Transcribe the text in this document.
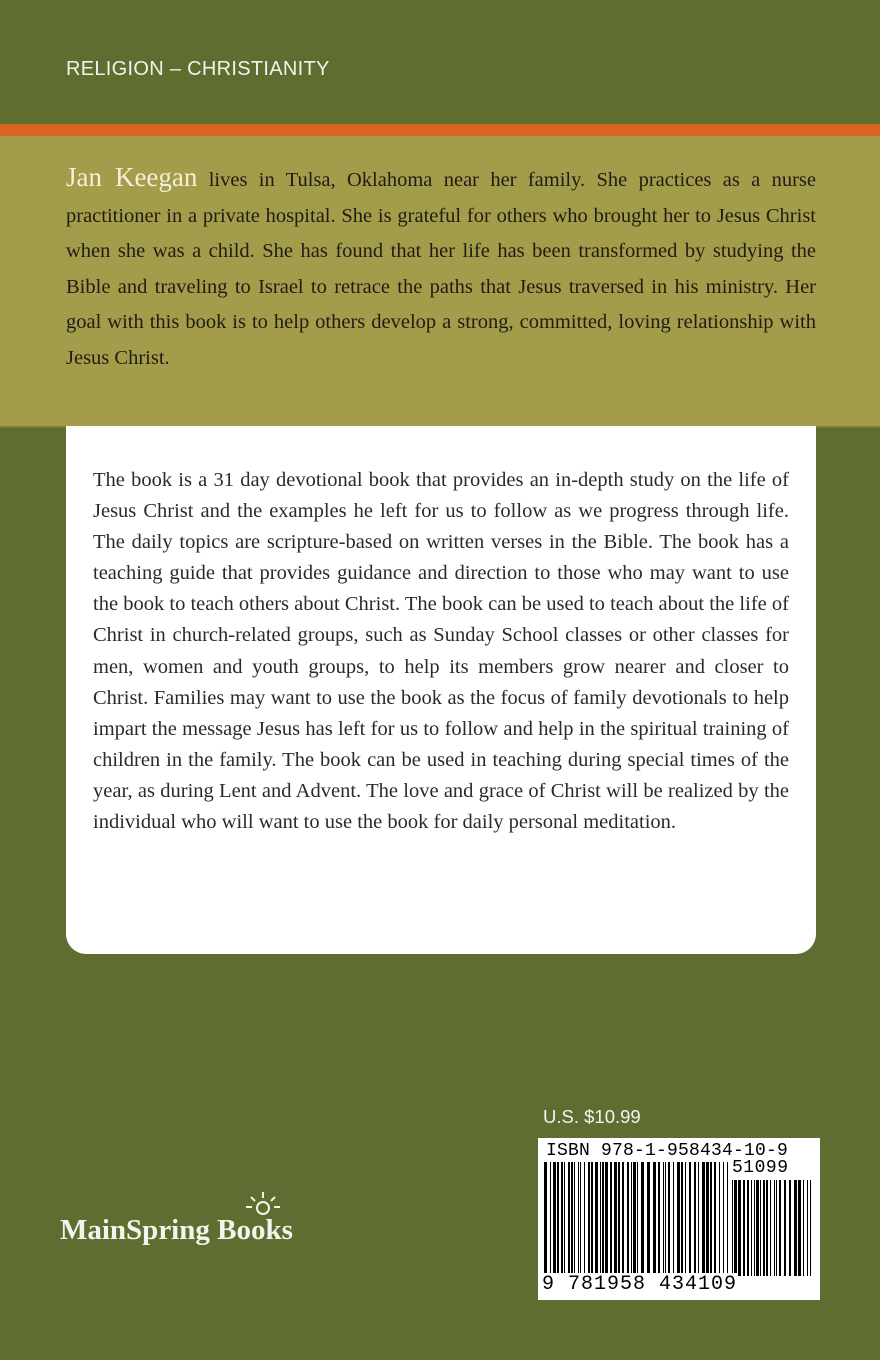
RELIGION – CHRISTIANITY
Jan Keegan lives in Tulsa, Oklahoma near her family. She practices as a nurse practitioner in a private hospital. She is grateful for others who brought her to Jesus Christ when she was a child. She has found that her life has been transformed by studying the Bible and traveling to Israel to retrace the paths that Jesus traversed in his ministry. Her goal with this book is to help others develop a strong, committed, loving relationship with Jesus Christ.
The book is a 31 day devotional book that provides an in-depth study on the life of Jesus Christ and the examples he left for us to follow as we progress through life. The daily topics are scripture-based on written verses in the Bible. The book has a teaching guide that provides guidance and direction to those who may want to use the book to teach others about Christ. The book can be used to teach about the life of Christ in church-related groups, such as Sunday School classes or other classes for men, women and youth groups, to help its members grow nearer and closer to Christ. Families may want to use the book as the focus of family devotionals to help impart the message Jesus has left for us to follow and help in the spiritual training of children in the family. The book can be used in teaching during special times of the year, as during Lent and Advent. The love and grace of Christ will be realized by the individual who will want to use the book for daily personal meditation.
U.S. $10.99
ISBN 978-1-958434-10-9
51099
9 781958 434109
MainSpring Books
